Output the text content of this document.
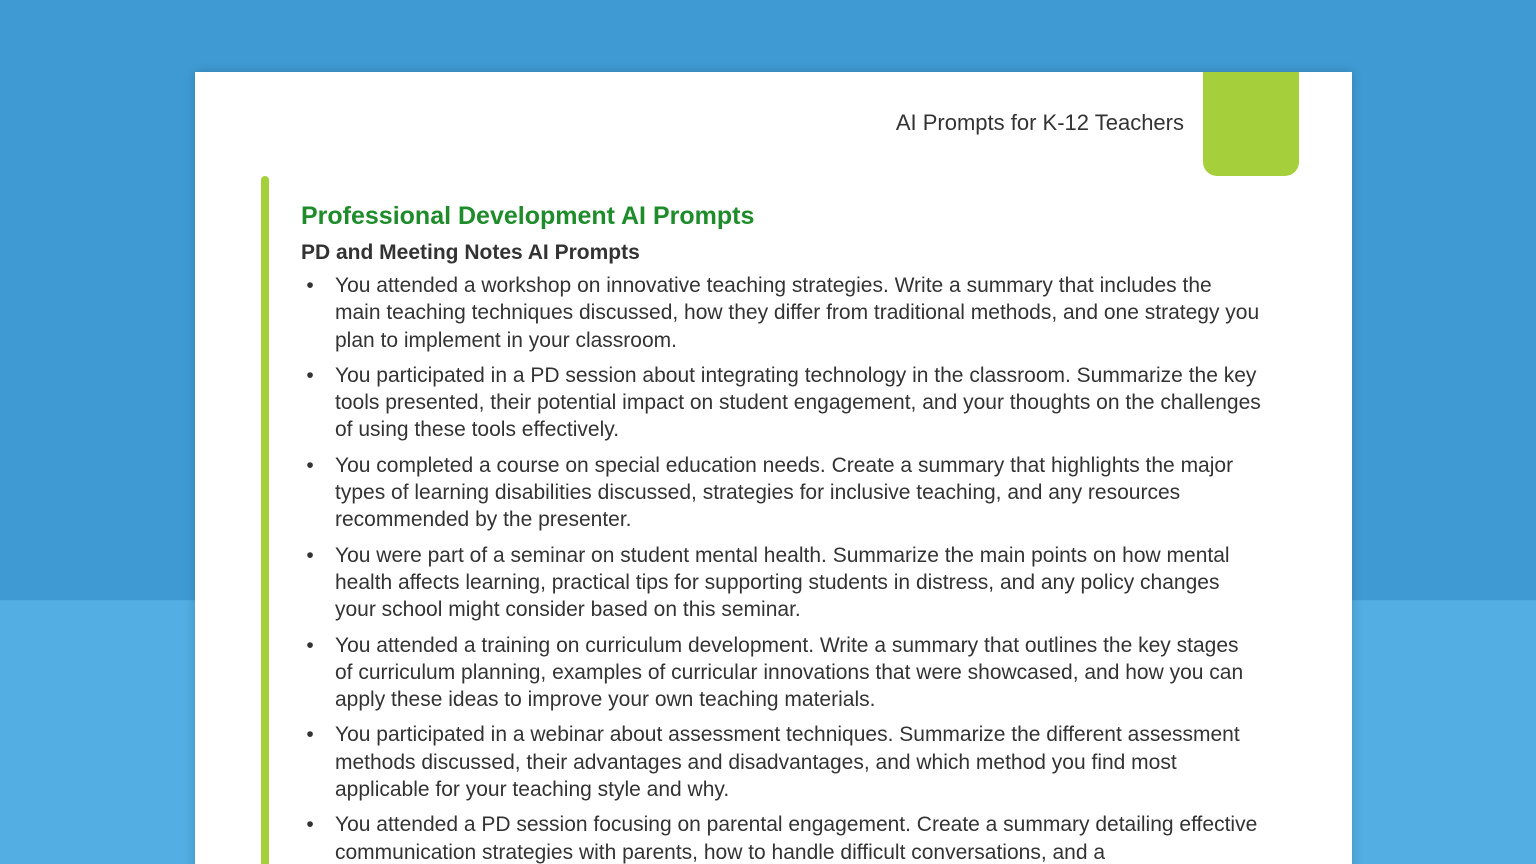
AI Prompts for K-12 Teachers
Professional Development AI Prompts
PD and Meeting Notes AI Prompts
• You attended a workshop on innovative teaching strategies. Write a summary that includes the main teaching techniques discussed, how they differ from traditional methods, and one strategy you plan to implement in your classroom.
• You participated in a PD session about integrating technology in the classroom. Summarize the key tools presented, their potential impact on student engagement, and your thoughts on the challenges of using these tools effectively.
• You completed a course on special education needs. Create a summary that highlights the major types of learning disabilities discussed, strategies for inclusive teaching, and any resources recommended by the presenter.
• You were part of a seminar on student mental health. Summarize the main points on how mental health affects learning, practical tips for supporting students in distress, and any policy changes your school might consider based on this seminar.
• You attended a training on curriculum development. Write a summary that outlines the key stages of curriculum planning, examples of curricular innovations that were showcased, and how you can apply these ideas to improve your own teaching materials.
• You participated in a webinar about assessment techniques. Summarize the different assessment methods discussed, their advantages and disadvantages, and which method you find most applicable for your teaching style and why.
• You attended a PD session focusing on parental engagement. Create a summary detailing effective communication strategies with parents, how to handle difficult conversations, and a
